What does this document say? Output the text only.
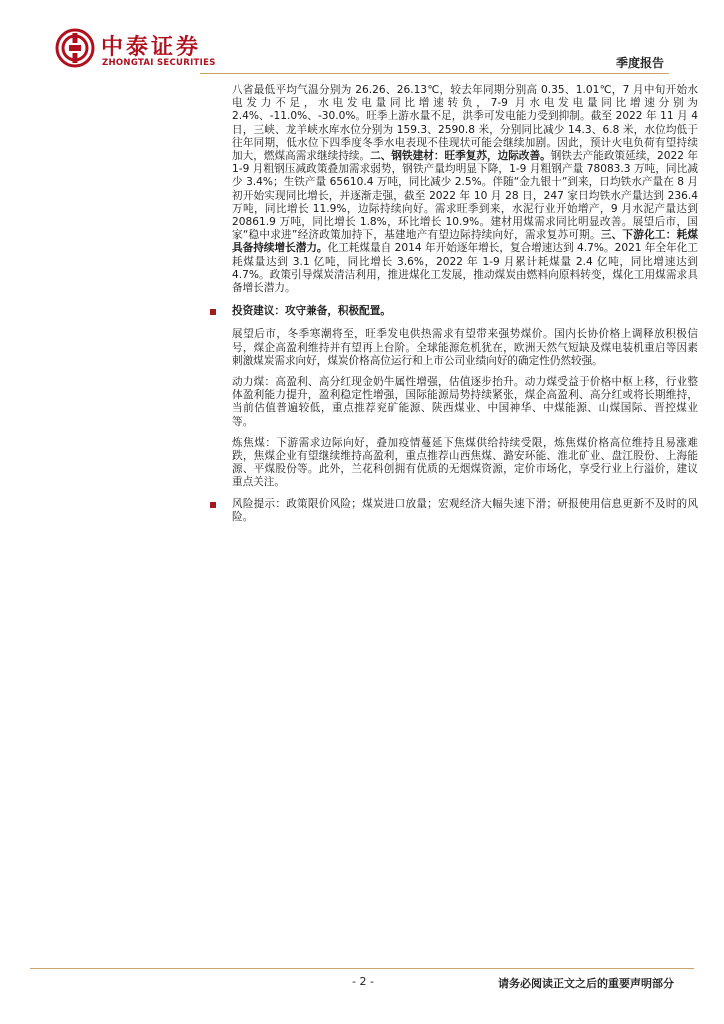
中泰证券
ZHONGTAI SECURITIES	季度报告

八省最低平均气温分别为 26.26、26.13℃，较去年同期分别高 0.35、1.01℃，7 月中旬开始水电发力不足，水电发电量同比增速转负，7-9 月水电发电量同比增速分别为 2.4%、-11.0%、-30.0%。旺季上游水量不足，洪季可发电能力受到抑制。截至 2022 年 11 月 4 日，三峡、龙羊峡水库水位分别为 159.3、2590.8 米，分别同比减少 14.3、6.8 米，水位均低于往年同期，低水位下四季度冬季水电表现不佳现状可能会继续加剧。因此，预计火电负荷有望持续加大，燃煤高需求继续持续。二、钢铁建材：旺季复苏，边际改善。钢铁去产能政策延续，2022 年 1-9 月粗钢压减政策叠加需求弱势，钢铁产量均明显下降，1-9 月粗钢产量 78083.3 万吨，同比减少 3.4%；生铁产量 65610.4 万吨，同比减少 2.5%。伴随“金九银十”到来，日均铁水产量在 8 月初开始实现同比增长，并逐渐走强，截至 2022 年 10 月 28 日，247 家日均铁水产量达到 236.4 万吨，同比增长 11.9%，边际持续向好。需求旺季到来，水泥行业开始增产，9 月水泥产量达到 20861.9 万吨，同比增长 1.8%，环比增长 10.9%。建材用煤需求同比明显改善。展望后市，国家“稳中求进”经济政策加持下，基建地产有望边际持续向好，需求复苏可期。三、下游化工：耗煤具备持续增长潜力。化工耗煤量自 2014 年开始逐年增长，复合增速达到 4.7%。2021 年全年化工耗煤量达到 3.1 亿吨，同比增长 3.6%，2022 年 1-9 月累计耗煤量 2.4 亿吨，同比增速达到 4.7%。政策引导煤炭清洁利用，推进煤化工发展，推动煤炭由燃料向原料转变，煤化工用煤需求具备增长潜力。

投资建议：攻守兼备，积极配置。

展望后市，冬季寒潮将至，旺季发电供热需求有望带来强势煤价。国内长协价格上调释放积极信号，煤企高盈利维持并有望再上台阶。全球能源危机犹在，欧洲天然气短缺及煤电装机重启等因素刺激煤炭需求向好，煤炭价格高位运行和上市公司业绩向好的确定性仍然较强。

动力煤：高盈利、高分红现金奶牛属性增强，估值逐步抬升。动力煤受益于价格中枢上移，行业整体盈利能力提升，盈利稳定性增强，国际能源局势持续紧张，煤企高盈利、高分红或将长期维持，当前估值普遍较低，重点推荐兖矿能源、陕西煤业、中国神华、中煤能源、山煤国际、晋控煤业等。

炼焦煤：下游需求边际向好，叠加疫情蔓延下焦煤供给持续受限，炼焦煤价格高位维持且易涨难跌，焦煤企业有望继续维持高盈利，重点推荐山西焦煤、潞安环能、淮北矿业、盘江股份、上海能源、平煤股份等。此外，兰花科创拥有优质的无烟煤资源，定价市场化，享受行业上行溢价，建议重点关注。

风险提示：政策限价风险；煤炭进口放量；宏观经济大幅失速下滑；研报使用信息更新不及时的风险。

- 2 -	请务必阅读正文之后的重要声明部分
